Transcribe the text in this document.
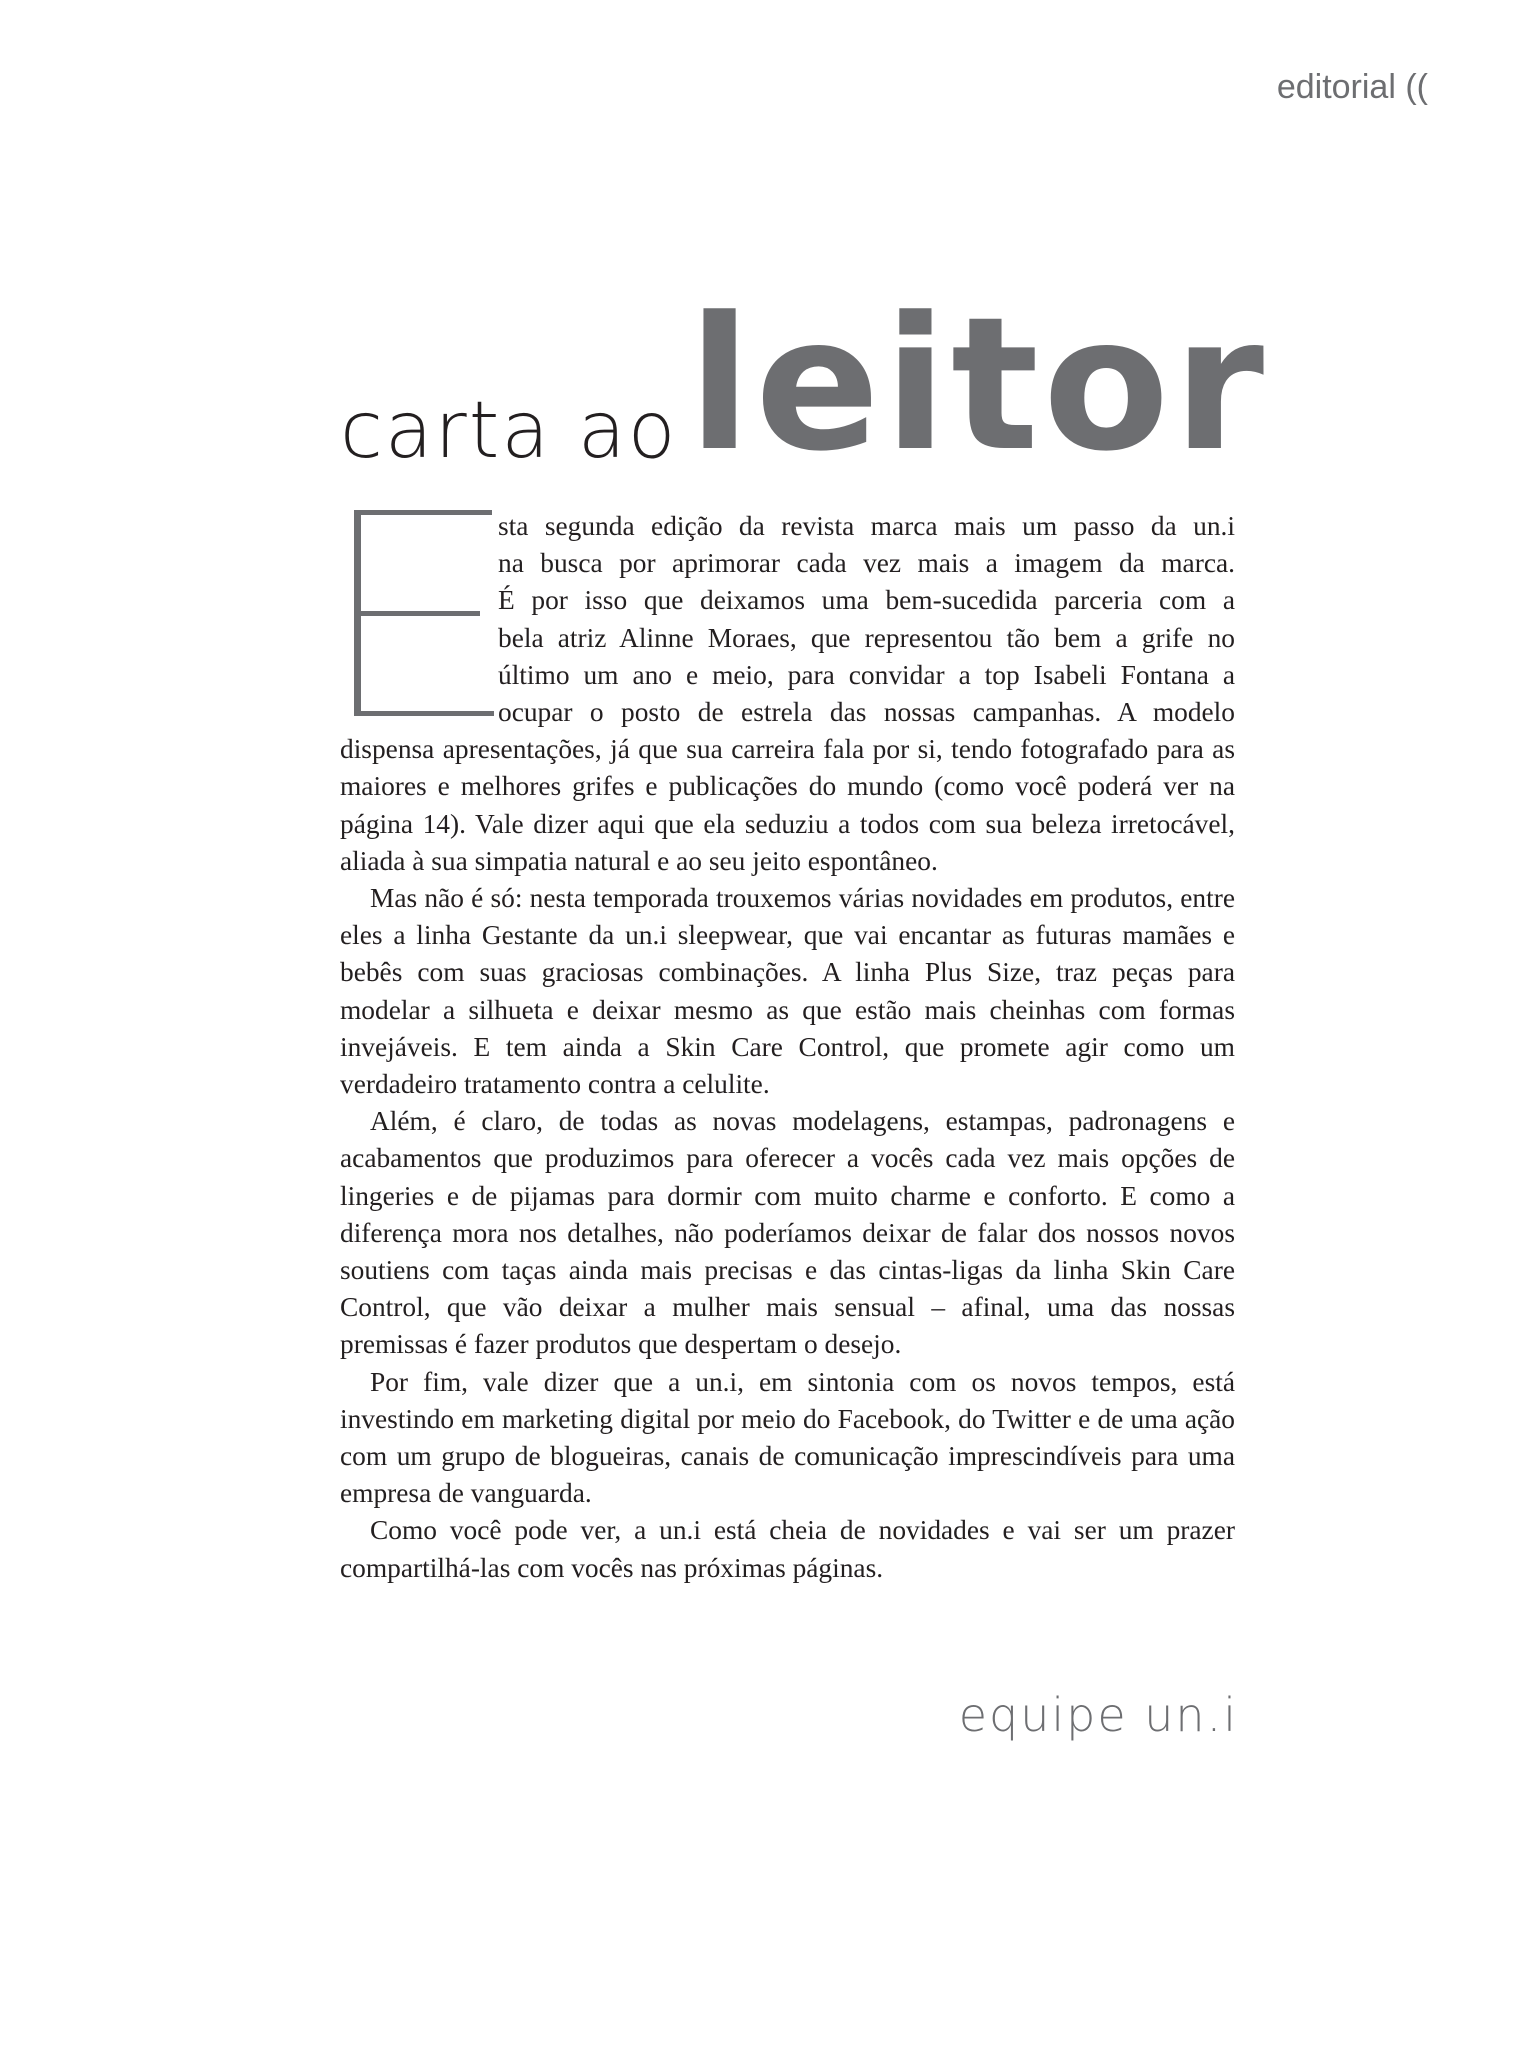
editorial ((
carta ao leitor

sta segunda edição da revista marca mais um passo da un.i
na busca por aprimorar cada vez mais a imagem da marca.
É por isso que deixamos uma bem-sucedida parceria com a
bela atriz Alinne Moraes, que representou tão bem a grife no
último um ano e meio, para convidar a top Isabeli Fontana a
ocupar o posto de estrela das nossas campanhas. A modelo
dispensa apresentações, já que sua carreira fala por si, tendo fotografado para as maiores e melhores grifes e publicações do mundo (como você poderá ver na página 14). Vale dizer aqui que ela seduziu a todos com sua beleza irretocável, aliada à sua simpatia natural e ao seu jeito espontâneo.

Mas não é só: nesta temporada trouxemos várias novidades em produtos, entre eles a linha Gestante da un.i sleepwear, que vai encantar as futuras mamães e bebês com suas graciosas combinações. A linha Plus Size, traz peças para modelar a silhueta e deixar mesmo as que estão mais cheinhas com formas invejáveis. E tem ainda a Skin Care Control, que promete agir como um verdadeiro tratamento contra a celulite.

Além, é claro, de todas as novas modelagens, estampas, padronagens e acabamentos que produzimos para oferecer a vocês cada vez mais opções de lingeries e de pijamas para dormir com muito charme e conforto. E como a diferença mora nos detalhes, não poderíamos deixar de falar dos nossos novos soutiens com taças ainda mais precisas e das cintas-ligas da linha Skin Care Control, que vão deixar a mulher mais sensual – afinal, uma das nossas premissas é fazer produtos que despertam o desejo.

Por fim, vale dizer que a un.i, em sintonia com os novos tempos, está investindo em marketing digital por meio do Facebook, do Twitter e de uma ação com um grupo de blogueiras, canais de comunicação imprescindíveis para uma empresa de vanguarda.

Como você pode ver, a un.i está cheia de novidades e vai ser um prazer compartilhá-las com vocês nas próximas páginas.

equipe un.i
